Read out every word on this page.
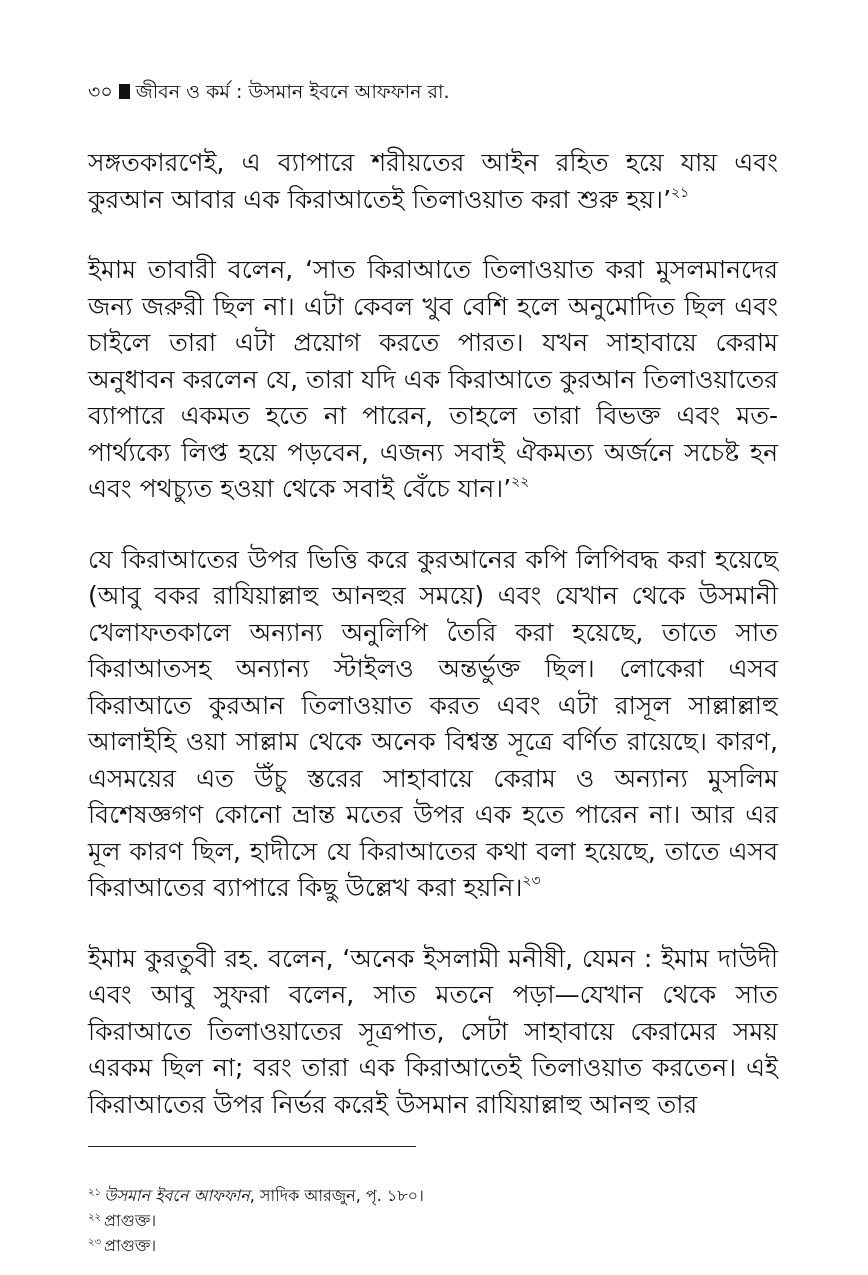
৩০ জীবন ও কর্ম : উসমান ইবনে আফফান রা.

সঙ্গতকারণেই, এ ব্যাপারে শরীয়তের আইন রহিত হয়ে যায় এবং কুরআন আবার এক কিরাআতেই তিলাওয়াত করা শুরু হয়।’$^{২১}$

ইমাম তাবারী বলেন, ‘সাত কিরাআতে তিলাওয়াত করা মুসলমানদের জন্য জরুরী ছিল না। এটা কেবল খুব বেশি হলে অনুমোদিত ছিল এবং চাইলে তারা এটা প্রয়োগ করতে পারত। যখন সাহাবায়ে কেরাম অনুধাবন করলেন যে, তারা যদি এক কিরাআতে কুরআন তিলাওয়াতের ব্যাপারে একমত হতে না পারেন, তাহলে তারা বিভক্ত এবং মত-পার্থ্যক্যে লিপ্ত হয়ে পড়বেন, এজন্য সবাই ঐকমত্য অর্জনে সচেষ্ট হন এবং পথচ্যুত হওয়া থেকে সবাই বেঁচে যান।’$^{২২}$

যে কিরাআতের উপর ভিত্তি করে কুরআনের কপি লিপিবদ্ধ করা হয়েছে (আবু বকর রাযিয়াল্লাহু আনহুর সময়ে) এবং যেখান থেকে উসমানী খেলাফতকালে অন্যান্য অনুলিপি তৈরি করা হয়েছে, তাতে সাত কিরাআতসহ অন্যান্য স্টাইলও অন্তর্ভুক্ত ছিল। লোকেরা এসব কিরাআতে কুরআন তিলাওয়াত করত এবং এটা রাসূল সাল্লাল্লাহু আলাইহি ওয়া সাল্লাম থেকে অনেক বিশ্বস্ত সূত্রে বর্ণিত রায়েছে। কারণ, এসময়ের এত উঁচু স্তরের সাহাবায়ে কেরাম ও অন্যান্য মুসলিম বিশেষজ্ঞগণ কোনো ভ্রান্ত মতের উপর এক হতে পারেন না। আর এর মূল কারণ ছিল, হাদীসে যে কিরাআতের কথা বলা হয়েছে, তাতে এসব কিরাআতের ব্যাপারে কিছু উল্লেখ করা হয়নি।$^{২৩}$

ইমাম কুরতুবী রহ. বলেন, ‘অনেক ইসলামী মনীষী, যেমন : ইমাম দাউদী এবং আবু সুফরা বলেন, সাত মতনে পড়া—যেখান থেকে সাত কিরাআতে তিলাওয়াতের সূত্রপাত, সেটা সাহাবায়ে কেরামের সময় এরকম ছিল না; বরং তারা এক কিরাআতেই তিলাওয়াত করতেন। এই কিরাআতের উপর নির্ভর করেই উসমান রাযিয়াল্লাহু আনহু তার

$^{২১}$ উসমান ইবনে আফফান, সাদিক আরজুন, পৃ. ১৮০।
$^{২২}$ প্রাগুক্ত।
$^{২৩}$ প্রাগুক্ত।
